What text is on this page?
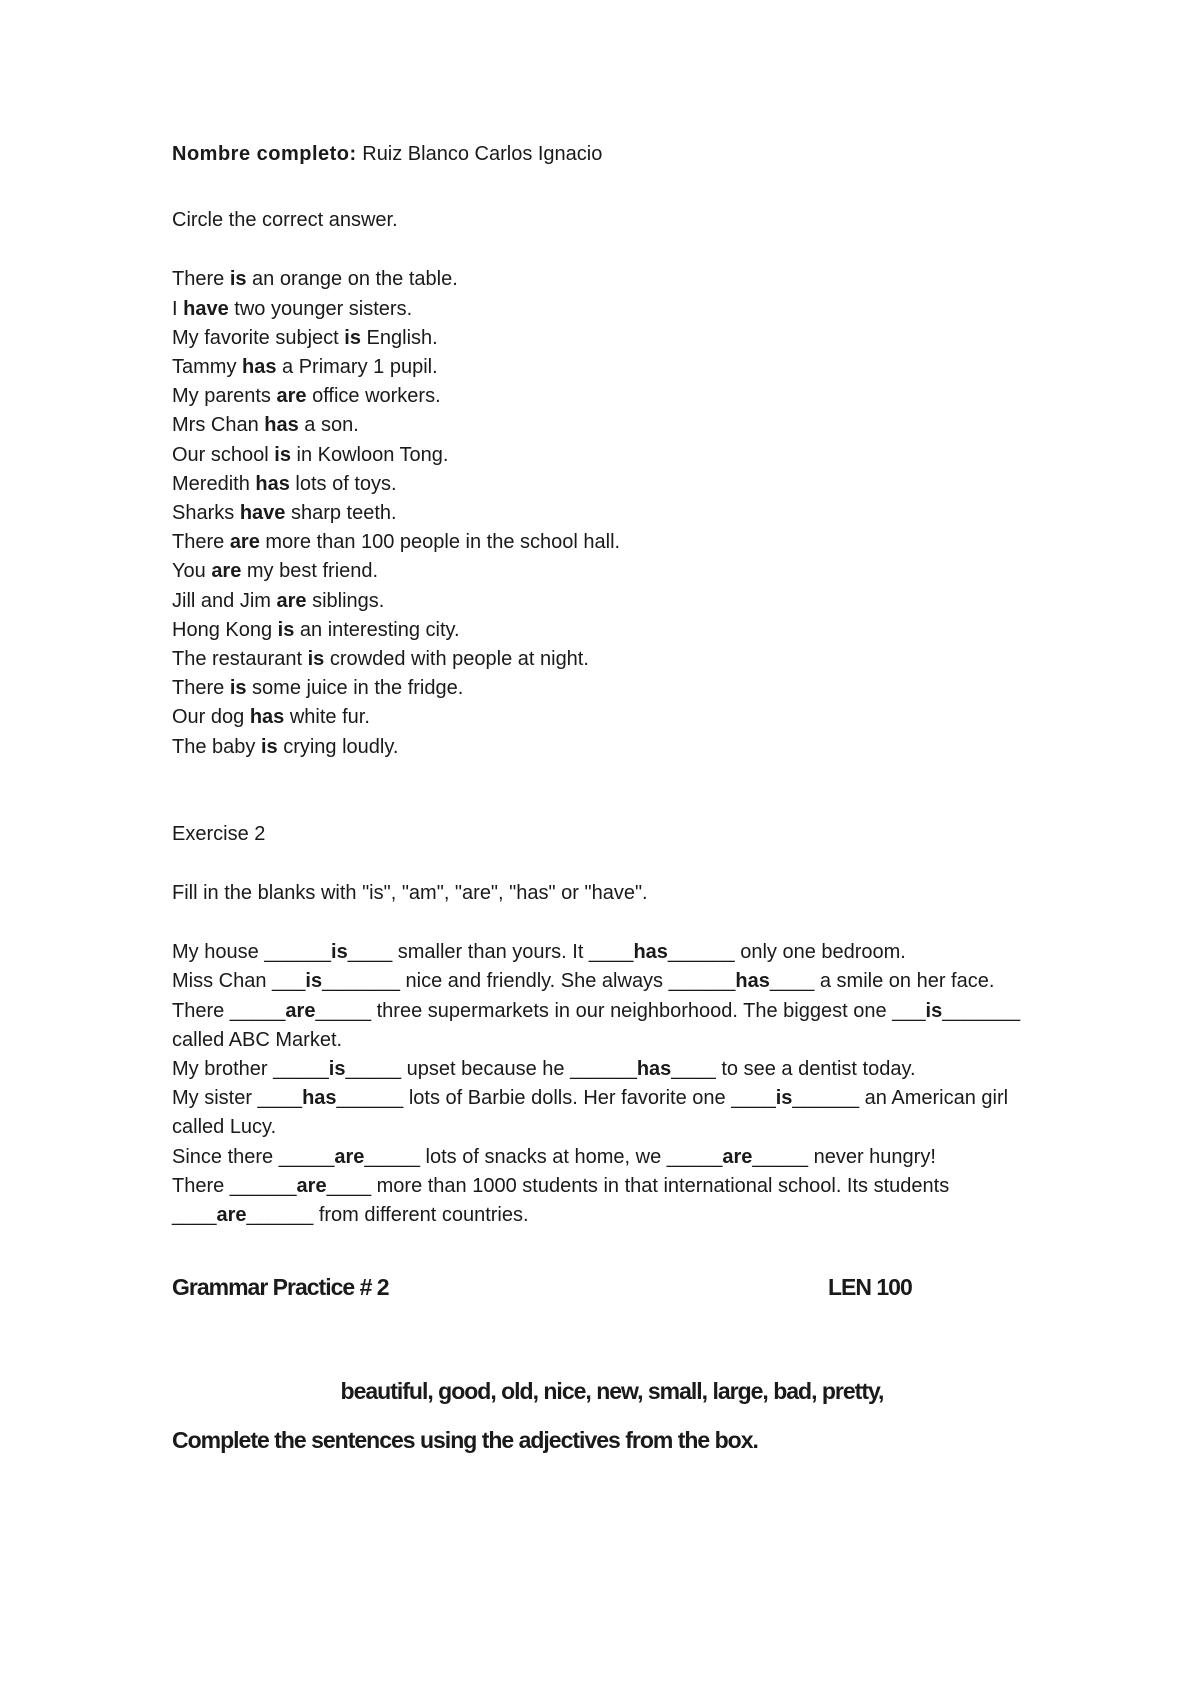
Nombre completo: Ruiz Blanco Carlos Ignacio
Circle the correct answer.
There is an orange on the table.
I have two younger sisters.
My favorite subject is English.
Tammy has a Primary 1 pupil.
My parents are office workers.
Mrs Chan has a son.
Our school is in Kowloon Tong.
Meredith has lots of toys.
Sharks have sharp teeth.
There are more than 100 people in the school hall.
You are my best friend.
Jill and Jim are siblings.
Hong Kong is an interesting city.
The restaurant is crowded with people at night.
There is some juice in the fridge.
Our dog has white fur.
The baby is crying loudly.
Exercise 2
Fill in the blanks with "is", "am", "are", "has" or "have".
My house ______is____ smaller than yours. It ____has______ only one bedroom.
Miss Chan ___is_______ nice and friendly. She always ______has____ a smile on her face.
There _____are_____ three supermarkets in our neighborhood. The biggest one ___is_______ called ABC Market.
My brother _____is_____ upset because he ______has____ to see a dentist today.
My sister ____has______ lots of Barbie dolls. Her favorite one ____is______ an American girl called Lucy.
Since there _____are_____ lots of snacks at home, we _____are_____ never hungry!
There ______are____ more than 1000 students in that international school. Its students ____are______ from different countries.
Grammar Practice # 2	LEN 100
beautiful, good, old, nice, new, small, large, bad, pretty,
Complete the sentences using the adjectives from the box.
